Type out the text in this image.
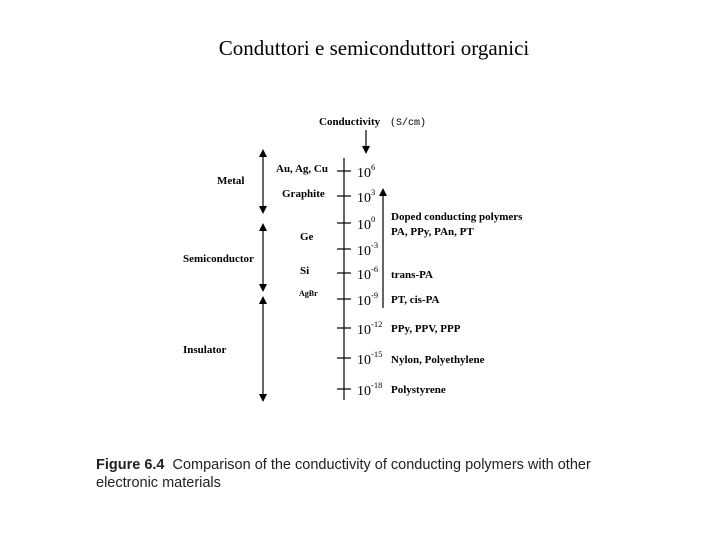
Conduttori e semiconduttori organici
Conductivity (S/cm)
Metal
Semiconductor
Insulator
Au, Ag, Cu
Graphite
Ge
Si
AgBr
$10^6$
$10^3$
$10^0$
$10^{-3}$
$10^{-6}$
$10^{-9}$
$10^{-12}$
$10^{-15}$
$10^{-18}$
Doped conducting polymers
PA, PPy, PAn, PT
trans-PA
PT, cis-PA
PPy, PPV, PPP
Nylon, Polyethylene
Polystyrene
Figure 6.4 Comparison of the conductivity of conducting polymers with other electronic materials
